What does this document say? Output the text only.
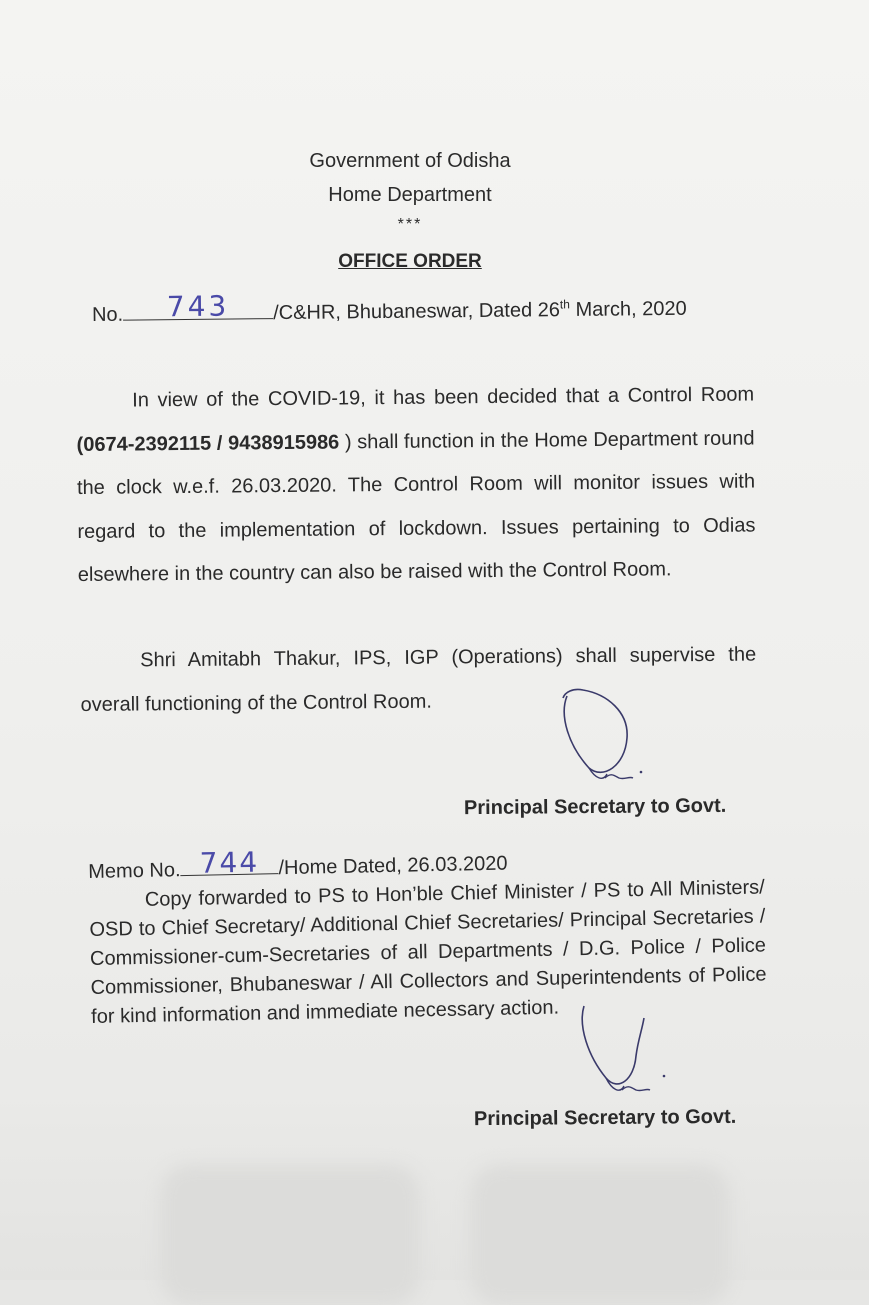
Government of Odisha
Home Department
***
OFFICE ORDER
No. 743 /C&HR, Bhubaneswar, Dated 26th March, 2020
In view of the COVID-19, it has been decided that a Control Room (0674-2392115 / 9438915986 ) shall function in the Home Department round the clock w.e.f. 26.03.2020. The Control Room will monitor issues with regard to the implementation of lockdown. Issues pertaining to Odias elsewhere in the country can also be raised with the Control Room.
Shri Amitabh Thakur, IPS, IGP (Operations) shall supervise the overall functioning of the Control Room.
Principal Secretary to Govt.
Memo No. 744 /Home Dated, 26.03.2020
Copy forwarded to PS to Hon’ble Chief Minister / PS to All Ministers/ OSD to Chief Secretary/ Additional Chief Secretaries/ Principal Secretaries / Commissioner-cum-Secretaries of all Departments / D.G. Police / Police Commissioner, Bhubaneswar / All Collectors and Superintendents of Police for kind information and immediate necessary action.
Principal Secretary to Govt.
